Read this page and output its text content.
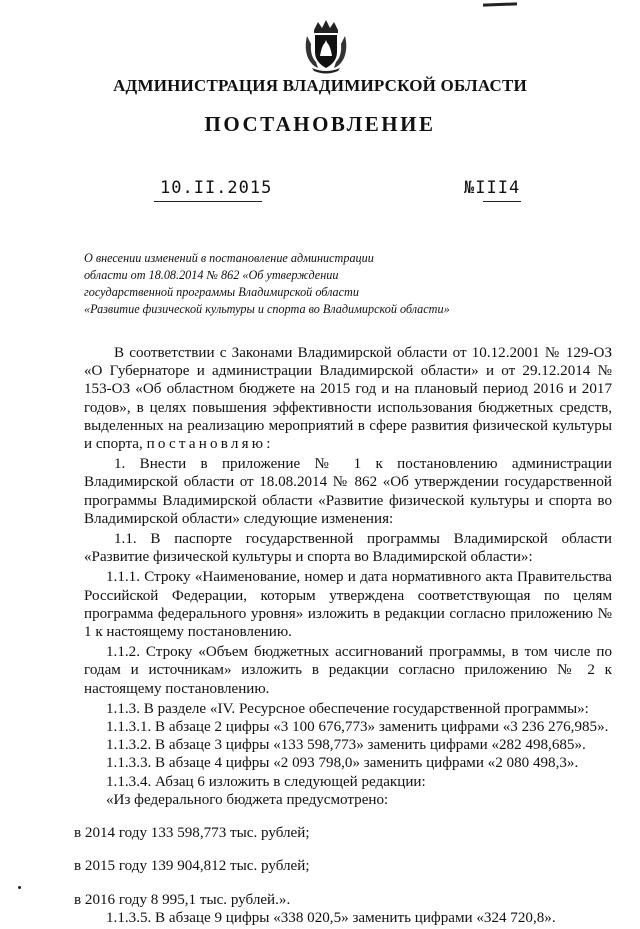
АДМИНИСТРАЦИЯ ВЛАДИМИРСКОЙ ОБЛАСТИ
ПОСТАНОВЛЕНИЕ
10.II.2015	№III4
О внесении изменений в постановление администрации
области от 18.08.2014 № 862 «Об утверждении
государственной программы Владимирской области
«Развитие физической культуры и спорта во Владимирской области»

В соответствии с Законами Владимирской области от 10.12.2001 № 129-ОЗ «О Губернаторе и администрации Владимирской области» и от 29.12.2014 № 153-ОЗ «Об областном бюджете на 2015 год и на плановый период 2016 и 2017 годов», в целях повышения эффективности использования бюджетных средств, выделенных на реализацию мероприятий в сфере развития физической культуры и спорта, постановляю:

1. Внести в приложение № 1 к постановлению администрации Владимирской области от 18.08.2014 № 862 «Об утверждении государственной программы Владимирской области «Развитие физической культуры и спорта во Владимирской области» следующие изменения:

1.1. В паспорте государственной программы Владимирской области «Развитие физической культуры и спорта во Владимирской области»:

1.1.1. Строку «Наименование, номер и дата нормативного акта Правительства Российской Федерации, которым утверждена соответствующая по целям программа федерального уровня» изложить в редакции согласно приложению № 1 к настоящему постановлению.

1.1.2. Строку «Объем бюджетных ассигнований программы, в том числе по годам и источникам» изложить в редакции согласно приложению № 2 к настоящему постановлению.

1.1.3. В разделе «IV. Ресурсное обеспечение государственной программы»:

1.1.3.1. В абзаце 2 цифры «3 100 676,773» заменить цифрами «3 236 276,985».

1.1.3.2. В абзаце 3 цифры «133 598,773» заменить цифрами «282 498,685».

1.1.3.3. В абзаце 4 цифры «2 093 798,0» заменить цифрами «2 080 498,3».

1.1.3.4. Абзац 6 изложить в следующей редакции:

«Из федерального бюджета предусмотрено:

в 2014 году 133 598,773 тыс. рублей;

в 2015 году 139 904,812 тыс. рублей;

в 2016 году 8 995,1 тыс. рублей.».

1.1.3.5. В абзаце 9 цифры «338 020,5» заменить цифрами «324 720,8».
